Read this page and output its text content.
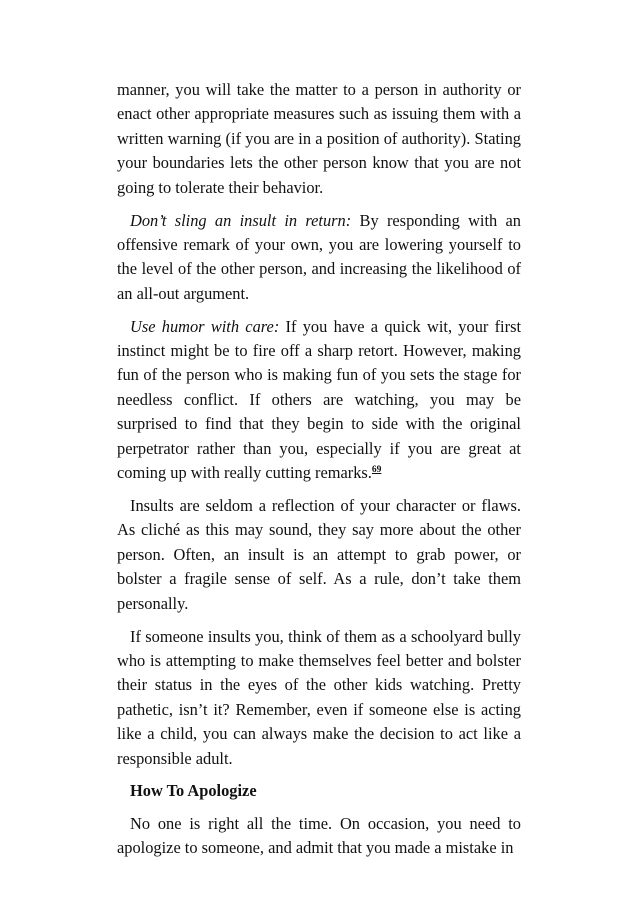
manner, you will take the matter to a person in authority or enact other appropriate measures such as issuing them with a written warning (if you are in a position of authority). Stating your boundaries lets the other person know that you are not going to tolerate their behavior.

Don’t sling an insult in return: By responding with an offensive remark of your own, you are lowering yourself to the level of the other person, and increasing the likelihood of an all-out argument.

Use humor with care: If you have a quick wit, your first instinct might be to fire off a sharp retort. However, making fun of the person who is making fun of you sets the stage for needless conflict. If others are watching, you may be surprised to find that they begin to side with the original perpetrator rather than you, especially if you are great at coming up with really cutting remarks.$^{69}$

Insults are seldom a reflection of your character or flaws. As cliché as this may sound, they say more about the other person. Often, an insult is an attempt to grab power, or bolster a fragile sense of self. As a rule, don’t take them personally.

If someone insults you, think of them as a schoolyard bully who is attempting to make themselves feel better and bolster their status in the eyes of the other kids watching. Pretty pathetic, isn’t it? Remember, even if someone else is acting like a child, you can always make the decision to act like a responsible adult.

How To Apologize

No one is right all the time. On occasion, you need to apologize to someone, and admit that you made a mistake in
